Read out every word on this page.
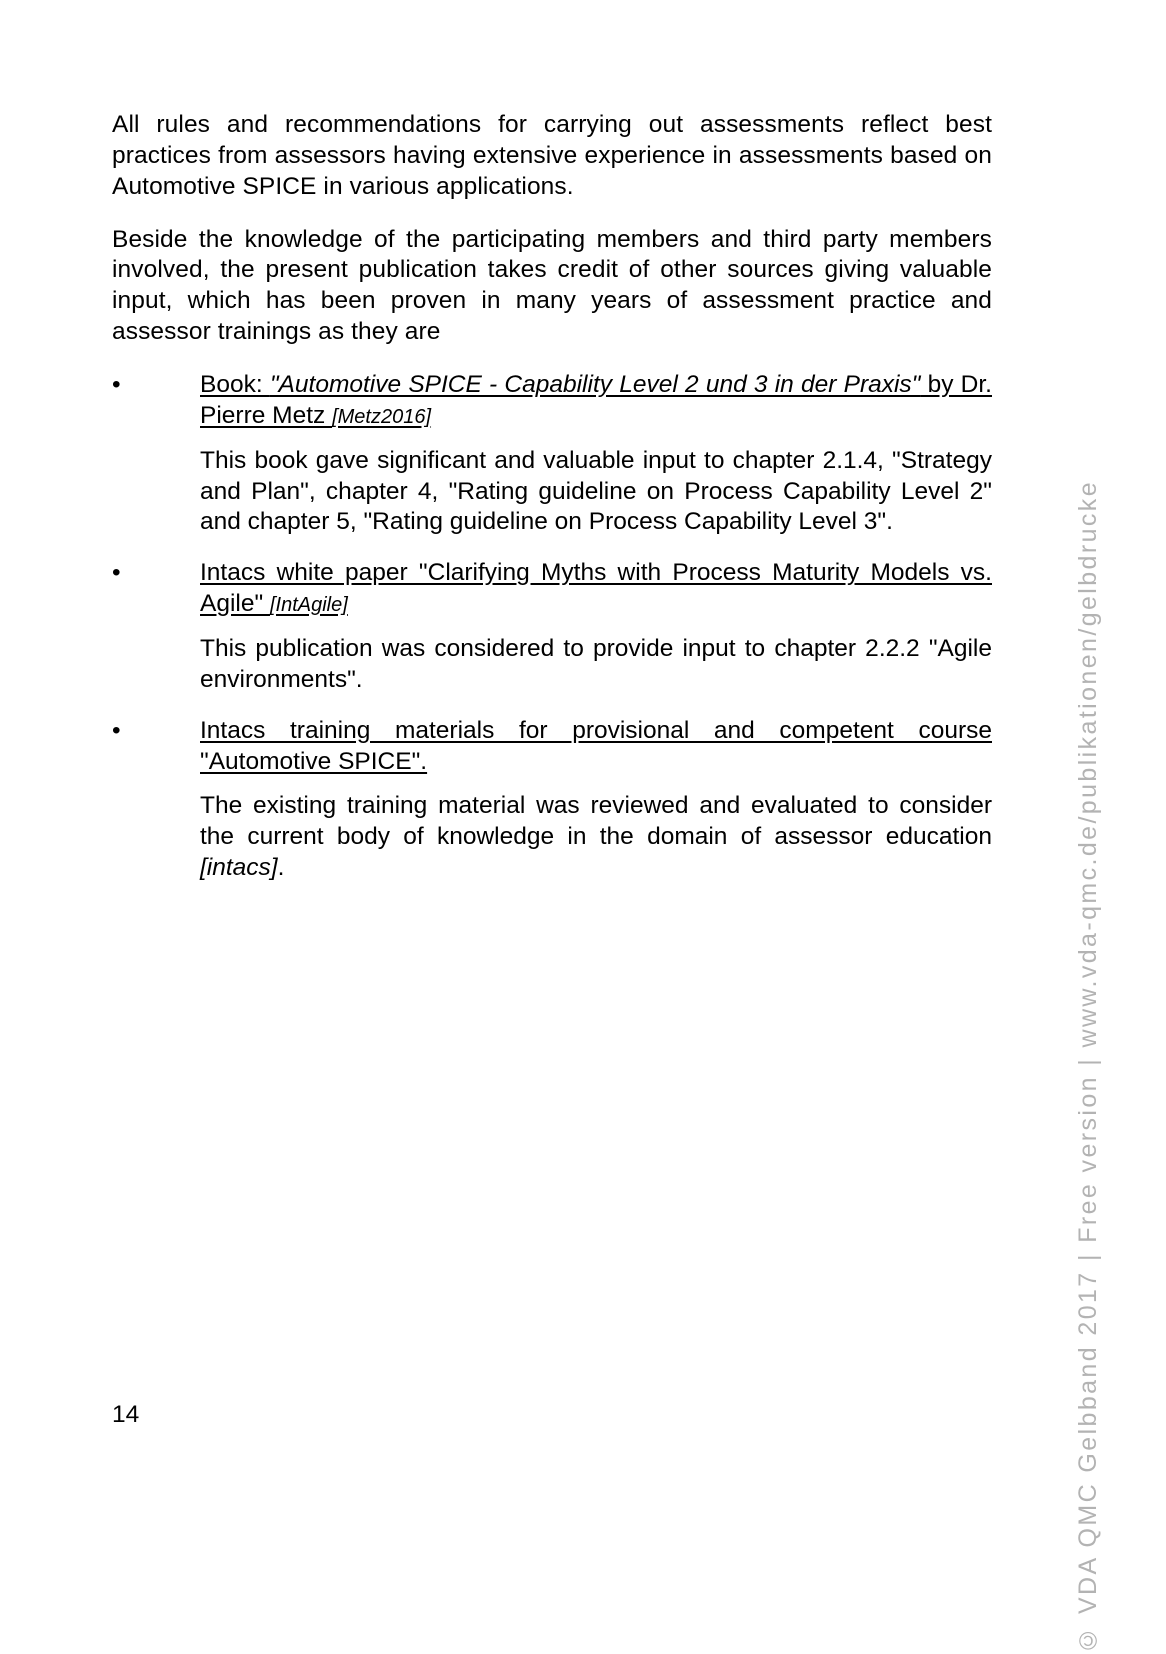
All rules and recommendations for carrying out assessments reflect best practices from assessors having extensive experience in assessments based on Automotive SPICE in various applications.

Beside the knowledge of the participating members and third party members involved, the present publication takes credit of other sources giving valuable input, which has been proven in many years of assessment practice and assessor trainings as they are

•	Book: "Automotive SPICE - Capability Level 2 und 3 in der Praxis" by Dr. Pierre Metz [Metz2016]

This book gave significant and valuable input to chapter 2.1.4, "Strategy and Plan", chapter 4, "Rating guideline on Process Capability Level 2" and chapter 5, "Rating guideline on Process Capability Level 3".

•	Intacs white paper "Clarifying Myths with Process Maturity Models vs. Agile" [IntAgile]

This publication was considered to provide input to chapter 2.2.2 "Agile environments".

•	Intacs training materials for provisional and competent course "Automotive SPICE".

The existing training material was reviewed and evaluated to consider the current body of knowledge in the domain of assessor education [intacs].

14	© VDA QMC Gelbband 2017 | Free version | www.vda-qmc.de/publikationen/gelbdrucke
